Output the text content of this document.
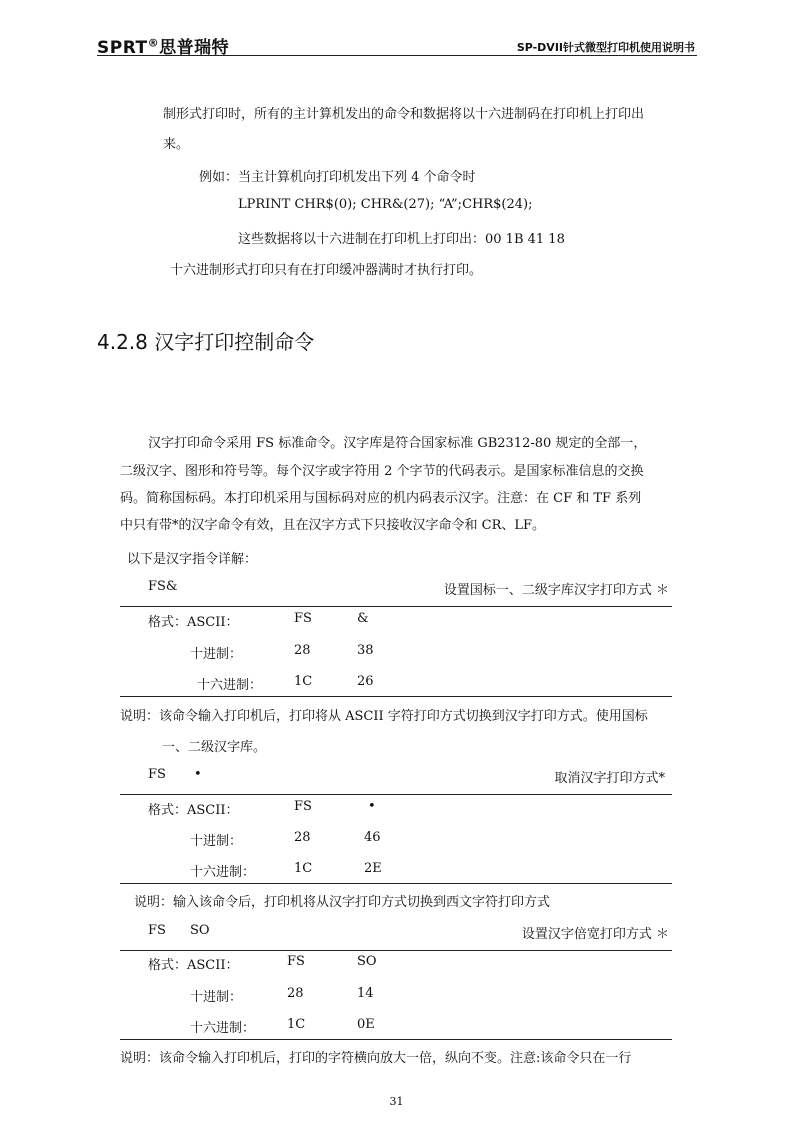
SPRT®思普瑞特	SP-DVII针式微型打印机使用说明书
制形式打印时，所有的主计算机发出的命令和数据将以十六进制码在打印机上打印出
来。
例如：当主计算机向打印机发出下列 4 个命令时
LPRINT CHR$(0); CHR&(27); “A”;CHR$(24);
这些数据将以十六进制在打印机上打印出：00 1B 41 18
十六进制形式打印只有在打印缓冲器满时才执行打印。
4.2.8 汉字打印控制命令
汉字打印命令采用 FS 标准命令。汉字库是符合国家标准 GB2312-80 规定的全部一，
二级汉字、图形和符号等。每个汉字或字符用 2 个字节的代码表示。是国家标准信息的交换
码。简称国标码。本打印机采用与国标码对应的机内码表示汉字。注意：在 CF 和 TF 系列
中只有带*的汉字命令有效，且在汉字方式下只接收汉字命令和 CR、LF。
以下是汉字指令详解：
FS&	设置国标一、二级字库汉字打印方式 ＊
格式：ASCII：	FS	&
十进制：	28	38
十六进制： 1C	26
说明：该命令输入打印机后，打印将从 ASCII 字符打印方式切换到汉字打印方式。使用国标
一、二级汉字库。
FS •	取消汉字打印方式*
格式：ASCII：	FS	•
十进制：	28	46
十六进制：	1C	2E
说明：输入该命令后，打印机将从汉字打印方式切换到西文字符打印方式
FS SO	设置汉字倍宽打印方式 ＊
格式：ASCII：	FS	SO
十进制：	28	14
十六进制： 1C	0E
说明：该命令输入打印机后，打印的字符横向放大一倍，纵向不变。注意:该命令只在一行
31
